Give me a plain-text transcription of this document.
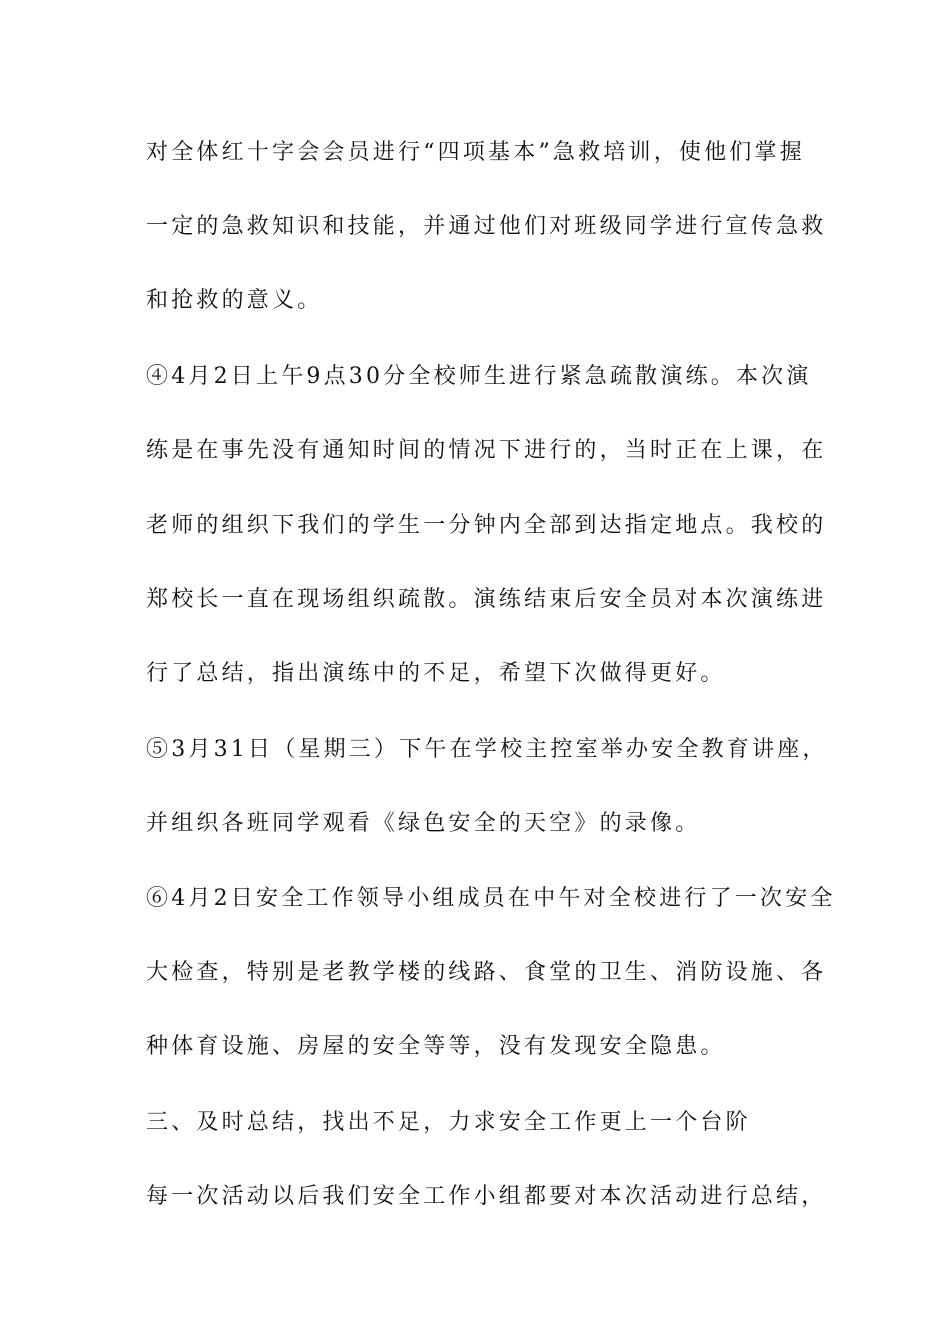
对全体红十字会会员进行“四项基本”急救培训，使他们掌握
一定的急救知识和技能，并通过他们对班级同学进行宣传急救
和抢救的意义。
④4月2日上午9点30分全校师生进行紧急疏散演练。本次演
练是在事先没有通知时间的情况下进行的，当时正在上课，在
老师的组织下我们的学生一分钟内全部到达指定地点。我校的
郑校长一直在现场组织疏散。演练结束后安全员对本次演练进
行了总结，指出演练中的不足，希望下次做得更好。
⑤3月31日（星期三）下午在学校主控室举办安全教育讲座，
并组织各班同学观看《绿色安全的天空》的录像。
⑥4月2日安全工作领导小组成员在中午对全校进行了一次安全
大检查，特别是老教学楼的线路、食堂的卫生、消防设施、各
种体育设施、房屋的安全等等，没有发现安全隐患。
三、及时总结，找出不足，力求安全工作更上一个台阶
每一次活动以后我们安全工作小组都要对本次活动进行总结，
